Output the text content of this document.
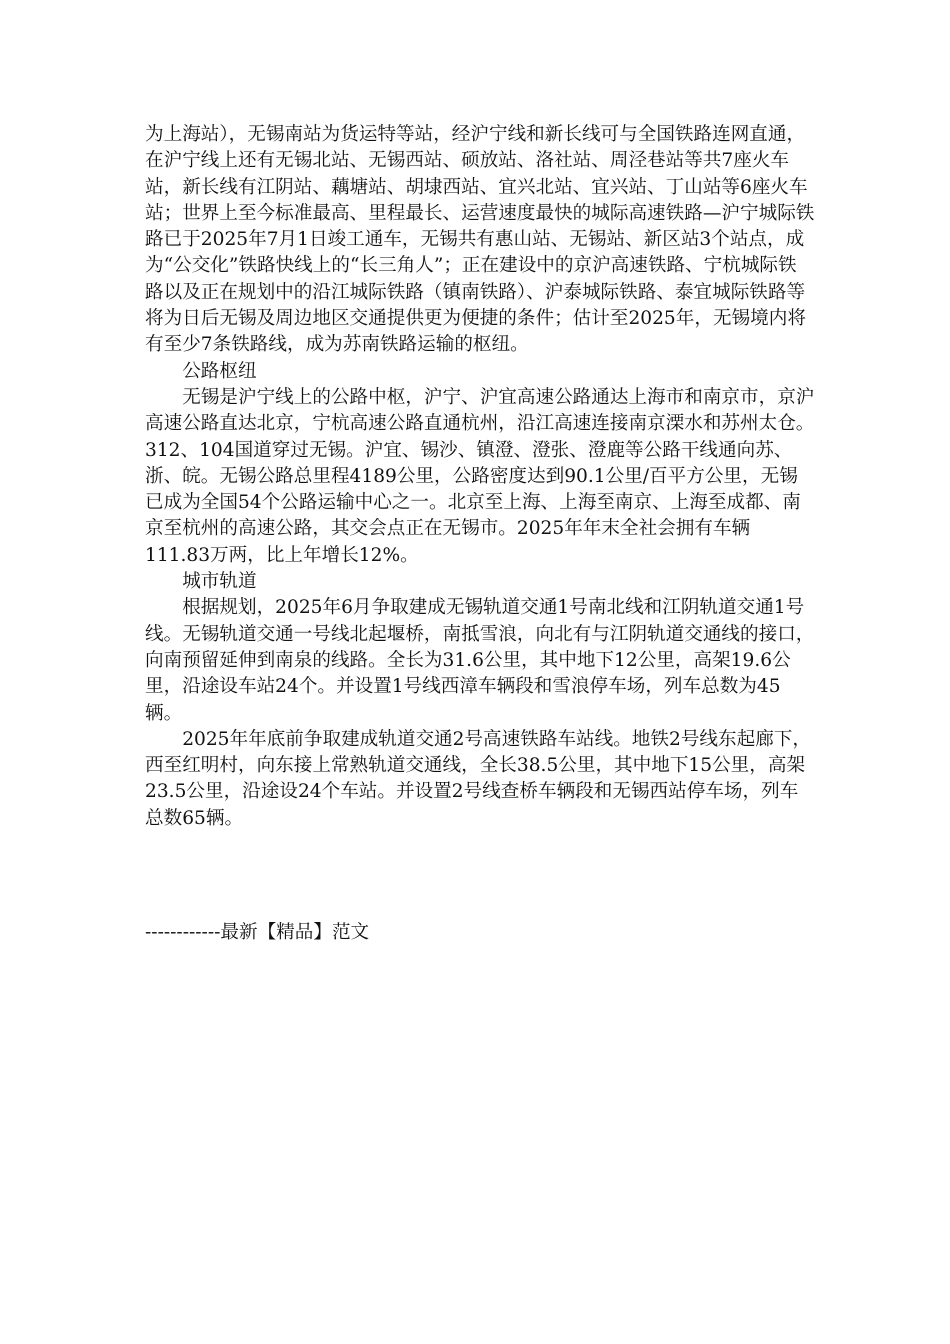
为上海站），无锡南站为货运特等站，经沪宁线和新长线可与全国铁路连网直通，在沪宁线上还有无锡北站、无锡西站、硕放站、洛社站、周泾巷站等共7座火车站，新长线有江阴站、藕塘站、胡埭西站、宜兴北站、宜兴站、丁山站等6座火车站；世界上至今标准最高、里程最长、运营速度最快的城际高速铁路—沪宁城际铁路已于2025年7月1日竣工通车，无锡共有惠山站、无锡站、新区站3个站点，成为“公交化”铁路快线上的“长三角人”；正在建设中的京沪高速铁路、宁杭城际铁路以及正在规划中的沿江城际铁路（镇南铁路）、沪泰城际铁路、泰宜城际铁路等将为日后无锡及周边地区交通提供更为便捷的条件；估计至2025年，无锡境内将有至少7条铁路线，成为苏南铁路运输的枢纽。

公路枢纽

无锡是沪宁线上的公路中枢，沪宁、沪宜高速公路通达上海市和南京市，京沪高速公路直达北京，宁杭高速公路直通杭州，沿江高速连接南京溧水和苏州太仓。312、104国道穿过无锡。沪宜、锡沙、镇澄、澄张、澄鹿等公路干线通向苏、浙、皖。无锡公路总里程4189公里，公路密度达到90.1公里/百平方公里，无锡已成为全国54个公路运输中心之一。北京至上海、上海至南京、上海至成都、南京至杭州的高速公路，其交会点正在无锡市。2025年年末全社会拥有车辆111.83万两，比上年增长12%。

城市轨道

根据规划，2025年6月争取建成无锡轨道交通1号南北线和江阴轨道交通1号线。无锡轨道交通一号线北起堰桥，南抵雪浪，向北有与江阴轨道交通线的接口，向南预留延伸到南泉的线路。全长为31.6公里，其中地下12公里，高架19.6公里，沿途设车站24个。并设置1号线西漳车辆段和雪浪停车场，列车总数为45辆。

2025年年底前争取建成轨道交通2号高速铁路车站线。地铁2号线东起廊下，西至红明村，向东接上常熟轨道交通线，全长38.5公里，其中地下15公里，高架23.5公里，沿途设24个车站。并设置2号线查桥车辆段和无锡西站停车场，列车总数65辆。

------------最新【精品】范文
